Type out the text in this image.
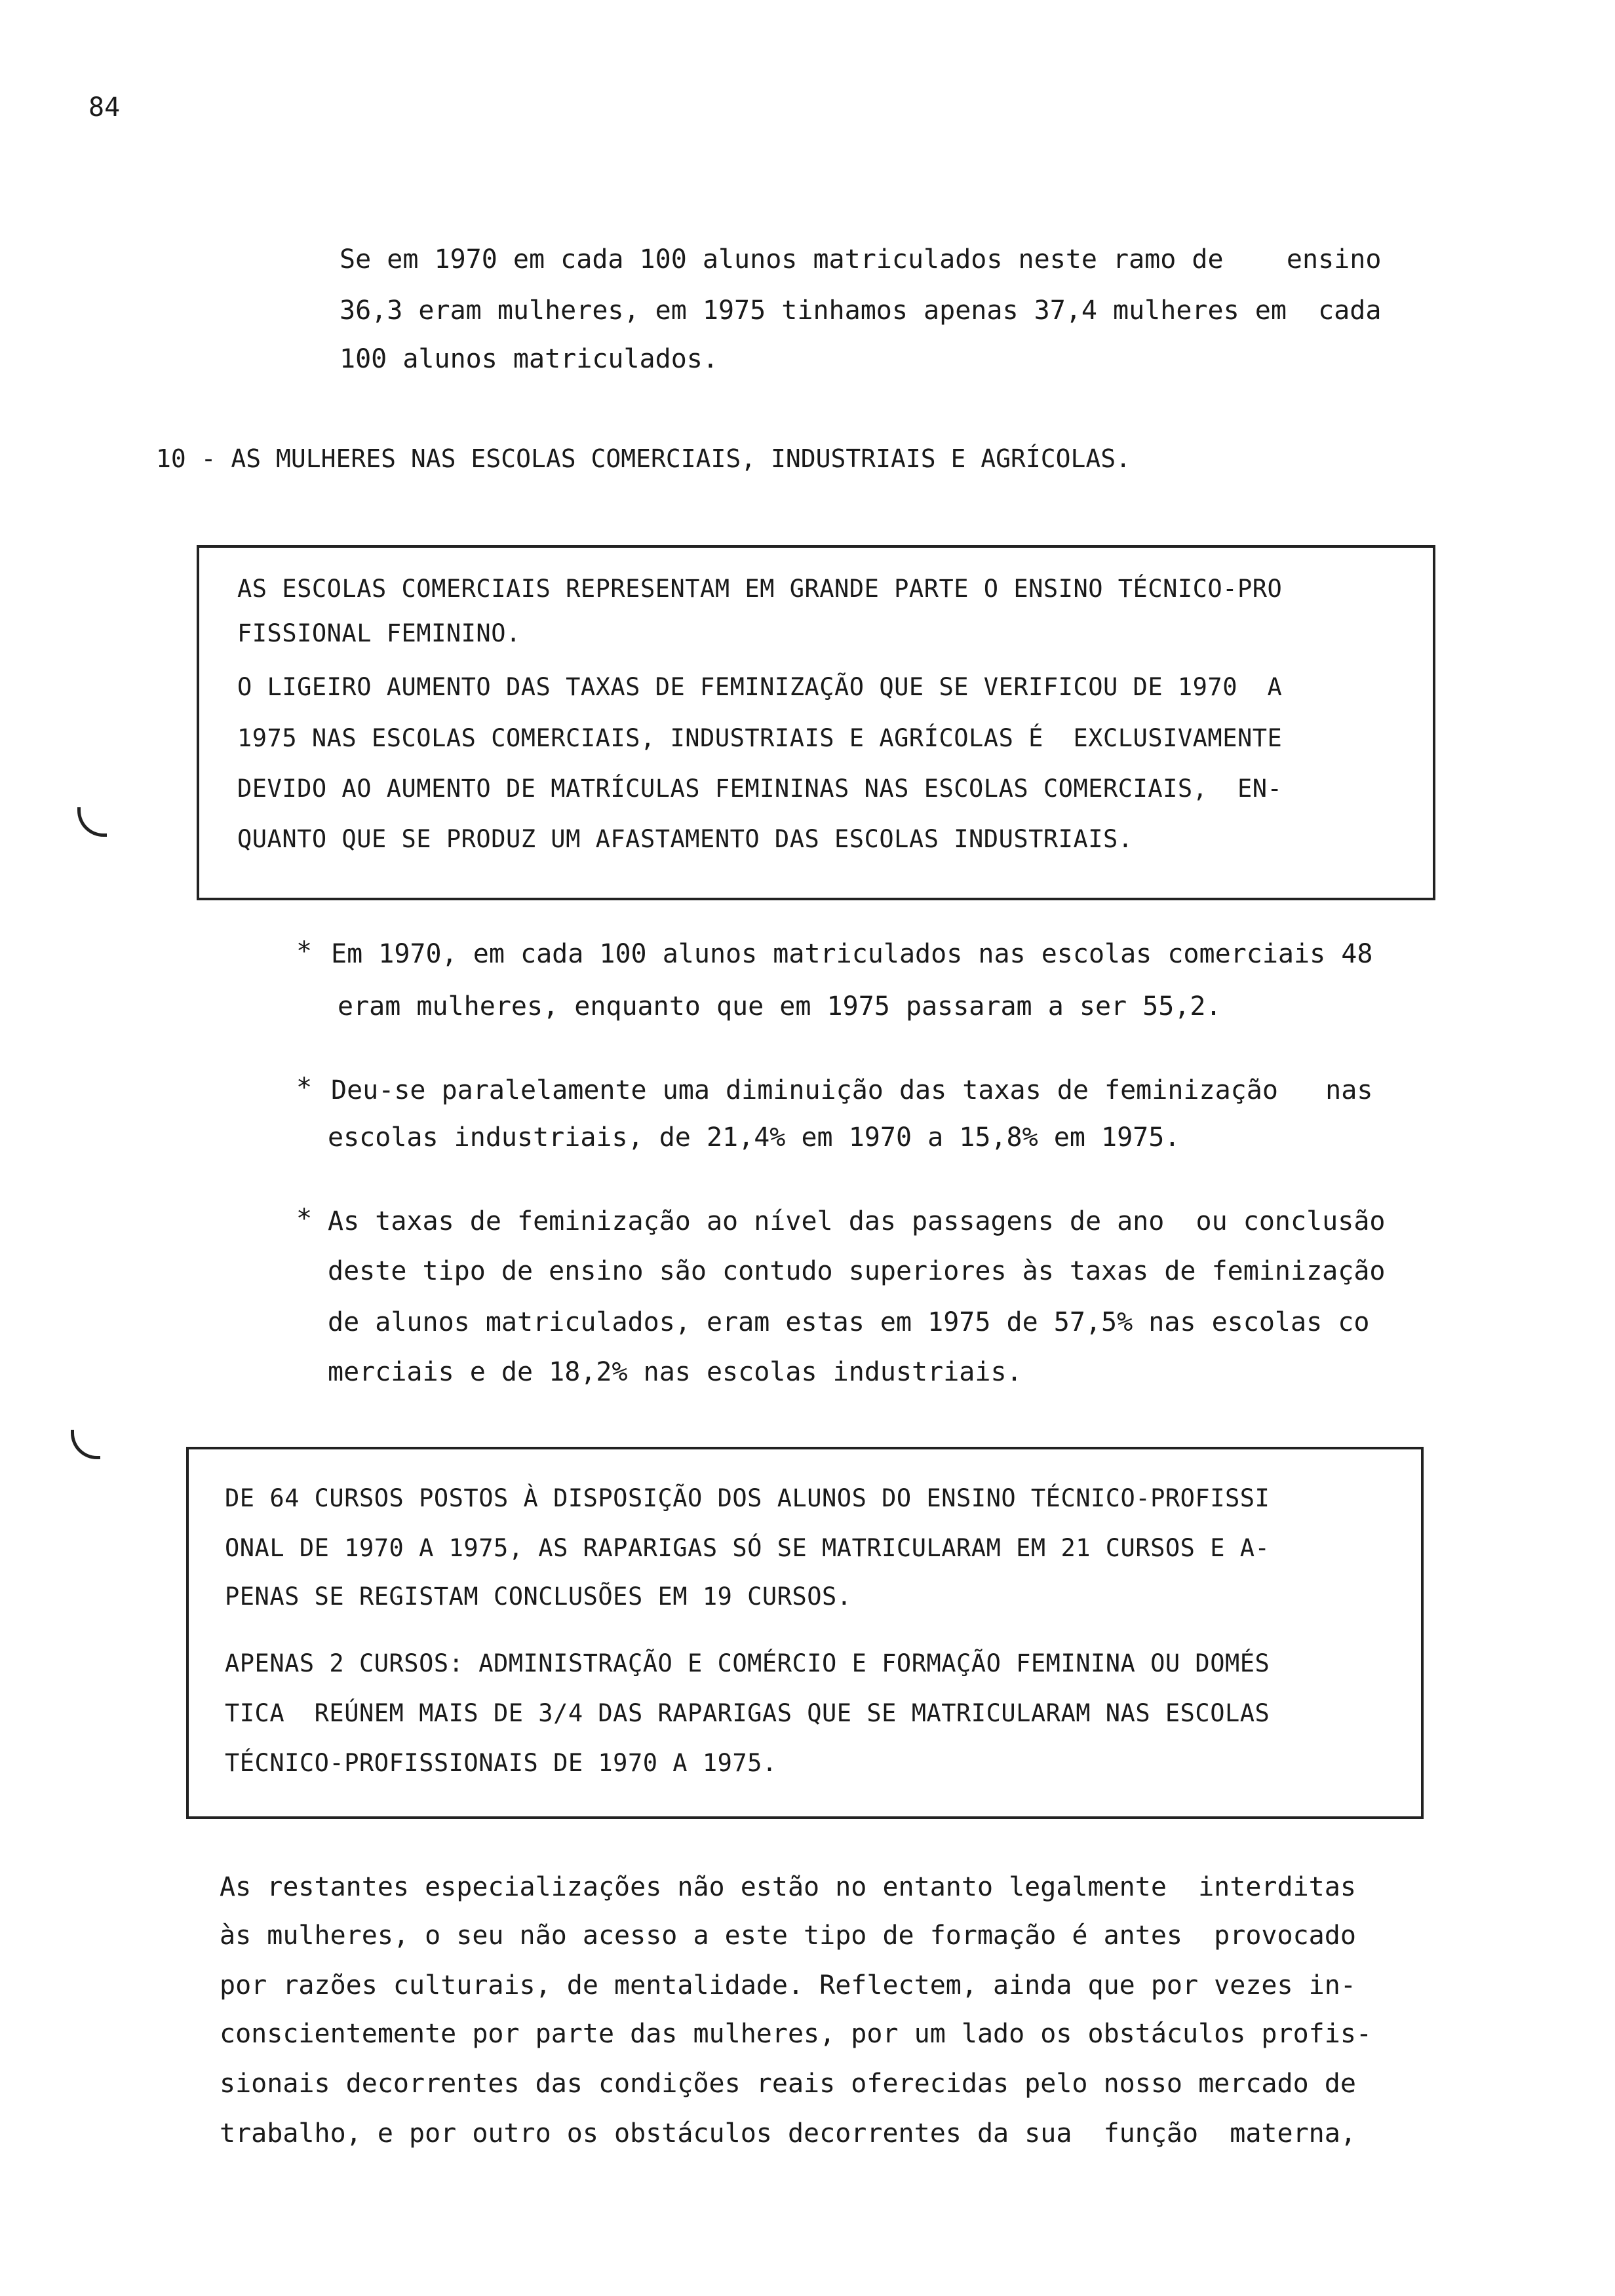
84
Se em 1970 em cada 100 alunos matriculados neste ramo de    ensino
36,3 eram mulheres, em 1975 tinhamos apenas 37,4 mulheres em  cada
100 alunos matriculados.
10 - AS MULHERES NAS ESCOLAS COMERCIAIS, INDUSTRIAIS E AGRÍCOLAS.
AS ESCOLAS COMERCIAIS REPRESENTAM EM GRANDE PARTE O ENSINO TÉCNICO-PRO
FISSIONAL FEMININO.
O LIGEIRO AUMENTO DAS TAXAS DE FEMINIZAÇÃO QUE SE VERIFICOU DE 1970  A
1975 NAS ESCOLAS COMERCIAIS, INDUSTRIAIS E AGRÍCOLAS É  EXCLUSIVAMENTE
DEVIDO AO AUMENTO DE MATRÍCULAS FEMININAS NAS ESCOLAS COMERCIAIS,  EN-
QUANTO QUE SE PRODUZ UM AFASTAMENTO DAS ESCOLAS INDUSTRIAIS.
* Em 1970, em cada 100 alunos matriculados nas escolas comerciais 48
eram mulheres, enquanto que em 1975 passaram a ser 55,2.
* Deu-se paralelamente uma diminuição das taxas de feminização   nas
escolas industriais, de 21,4% em 1970 a 15,8% em 1975.
* As taxas de feminização ao nível das passagens de ano  ou conclusão
deste tipo de ensino são contudo superiores às taxas de feminização
de alunos matriculados, eram estas em 1975 de 57,5% nas escolas co
merciais e de 18,2% nas escolas industriais.
DE 64 CURSOS POSTOS À DISPOSIÇÃO DOS ALUNOS DO ENSINO TÉCNICO-PROFISSI
ONAL DE 1970 A 1975, AS RAPARIGAS SÓ SE MATRICULARAM EM 21 CURSOS E A-
PENAS SE REGISTAM CONCLUSÕES EM 19 CURSOS.
APENAS 2 CURSOS: ADMINISTRAÇÃO E COMÉRCIO E FORMAÇÃO FEMININA OU DOMÉS
TICA  REÚNEM MAIS DE 3/4 DAS RAPARIGAS QUE SE MATRICULARAM NAS ESCOLAS
TÉCNICO-PROFISSIONAIS DE 1970 A 1975.
As restantes especializações não estão no entanto legalmente  interditas
às mulheres, o seu não acesso a este tipo de formação é antes  provocado
por razões culturais, de mentalidade. Reflectem, ainda que por vezes in-
conscientemente por parte das mulheres, por um lado os obstáculos profis-
sionais decorrentes das condições reais oferecidas pelo nosso mercado de
trabalho, e por outro os obstáculos decorrentes da sua  função  materna,
